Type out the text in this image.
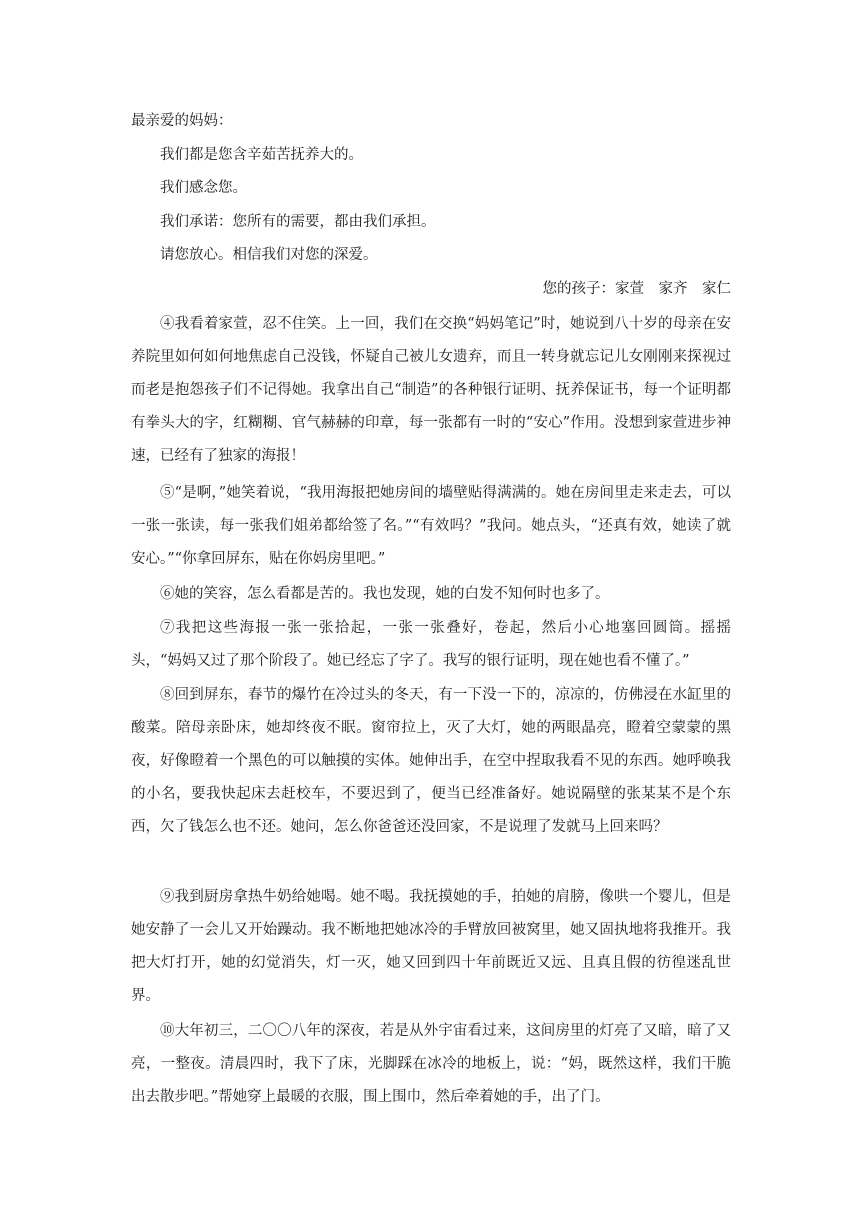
最亲爱的妈妈：
我们都是您含辛茹苦抚养大的。
我们感念您。
我们承诺：您所有的需要，都由我们承担。
请您放心。相信我们对您的深爱。
您的孩子：家萱　家齐　家仁

④我看着家萱，忍不住笑。上一回，我们在交换“妈妈笔记”时，她说到八十岁的母亲在安养院里如何如何地焦虑自己没钱，怀疑自己被儿女遗弃，而且一转身就忘记儿女刚刚来探视过而老是抱怨孩子们不记得她。我拿出自己“制造”的各种银行证明、抚养保证书，每一个证明都有拳头大的字，红糊糊、官气赫赫的印章，每一张都有一时的“安心”作用。没想到家萱进步神速，已经有了独家的海报！

⑤“是啊，”她笑着说，“我用海报把她房间的墙壁贴得满满的。她在房间里走来走去，可以一张一张读，每一张我们姐弟都给签了名。”“有效吗？”我问。她点头，“还真有效，她读了就安心。”“你拿回屏东，贴在你妈房里吧。”

⑥她的笑容，怎么看都是苦的。我也发现，她的白发不知何时也多了。

⑦我把这些海报一张一张拾起，一张一张叠好，卷起，然后小心地塞回圆筒。摇摇头，“妈妈又过了那个阶段了。她已经忘了字了。我写的银行证明，现在她也看不懂了。”

⑧回到屏东，春节的爆竹在冷过头的冬天，有一下没一下的，凉凉的，仿佛浸在水缸里的酸菜。陪母亲卧床，她却终夜不眠。窗帘拉上，灭了大灯，她的两眼晶亮，瞪着空蒙蒙的黑夜，好像瞪着一个黑色的可以触摸的实体。她伸出手，在空中捏取我看不见的东西。她呼唤我的小名，要我快起床去赶校车，不要迟到了，便当已经准备好。她说隔壁的张某某不是个东西，欠了钱怎么也不还。她问，怎么你爸爸还没回家，不是说理了发就马上回来吗？

⑨我到厨房拿热牛奶给她喝。她不喝。我抚摸她的手，拍她的肩膀，像哄一个婴儿，但是她安静了一会儿又开始躁动。我不断地把她冰冷的手臂放回被窝里，她又固执地将我推开。我把大灯打开，她的幻觉消失，灯一灭，她又回到四十年前既近又远、且真且假的彷徨迷乱世界。

⑩大年初三，二〇〇八年的深夜，若是从外宇宙看过来，这间房里的灯亮了又暗，暗了又亮，一整夜。清晨四时，我下了床，光脚踩在冰冷的地板上，说：“妈，既然这样，我们干脆出去散步吧。”帮她穿上最暖的衣服，围上围巾，然后牵着她的手，出了门。
